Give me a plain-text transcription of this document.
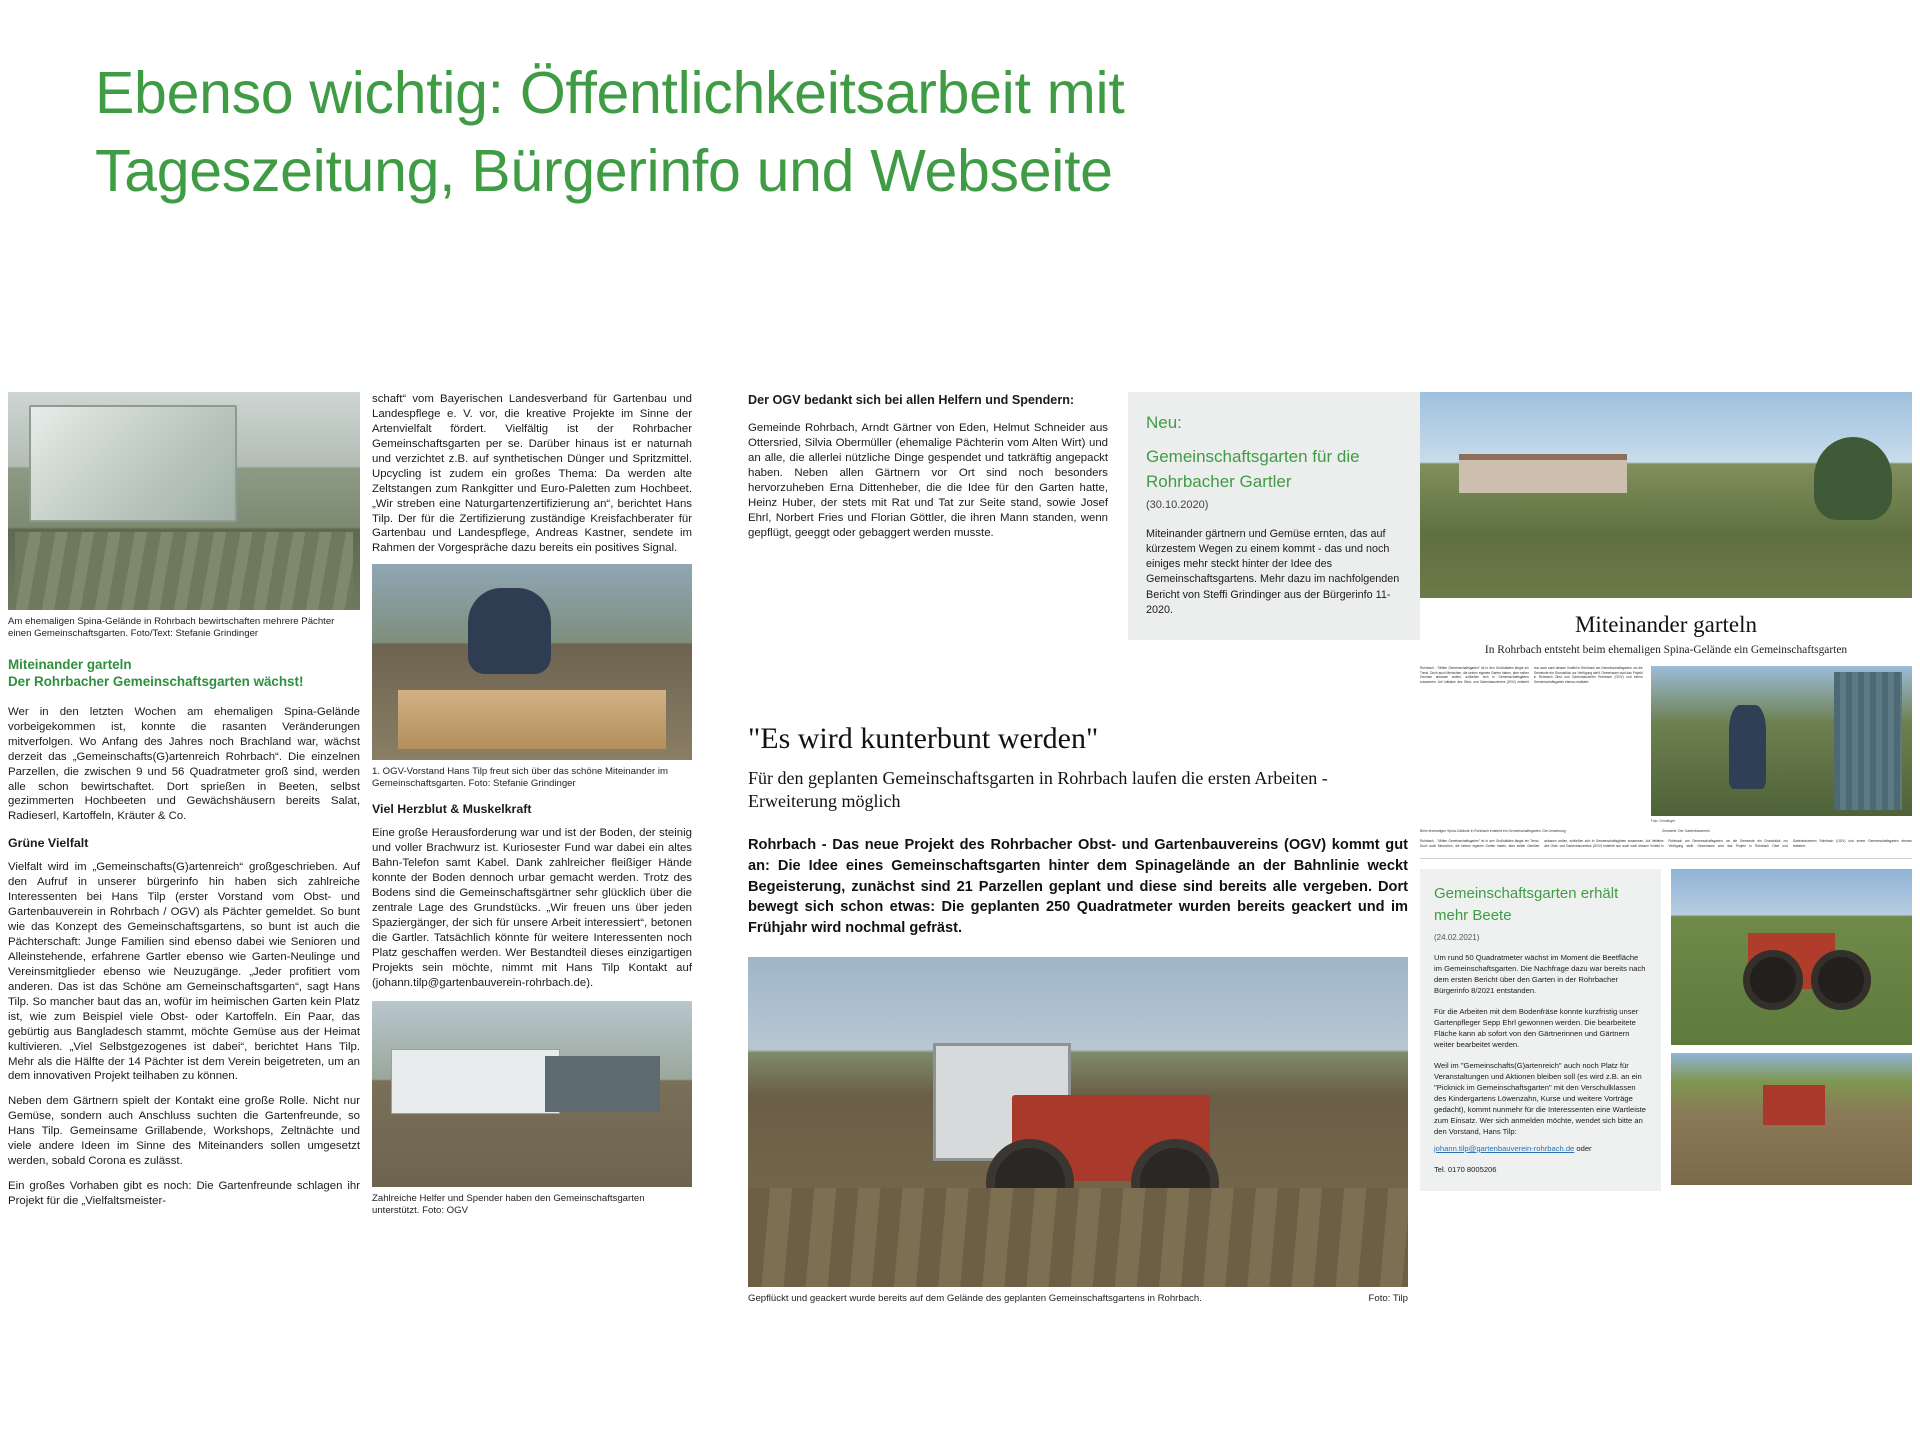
Ebenso wichtig: Öffentlichkeitsarbeit mit
Tageszeitung, Bürgerinfo und Webseite
Am ehemaligen Spina-Gelände in Rohrbach bewirtschaften mehrere Pächter einen Gemeinschaftsgarten. Foto/Text: Stefanie Grindinger
Miteinander garteln
Der Rohrbacher Gemeinschaftsgarten wächst!
Wer in den letzten Wochen am ehemaligen Spina-Gelände vorbeigekommen ist, konnte die rasanten Veränderungen mitverfolgen. Wo Anfang des Jahres noch Brachland war, wächst derzeit das „Gemeinschafts(G)artenreich Rohrbach“. Die einzelnen Parzellen, die zwischen 9 und 56 Quadratmeter groß sind, werden alle schon bewirtschaftet. Dort sprießen in Beeten, selbst gezimmerten Hochbeeten und Gewächshäusern bereits Salat, Radieserl, Kartoffeln, Kräuter & Co.
Grüne Vielfalt
Vielfalt wird im „Gemeinschafts(G)artenreich“ großgeschrieben. Auf den Aufruf in unserer bürgerinfo hin haben sich zahlreiche Interessenten bei Hans Tilp (erster Vorstand vom Obst- und Gartenbauverein in Rohrbach / OGV) als Pächter gemeldet. So bunt wie das Konzept des Gemeinschaftsgartens, so bunt ist auch die Pächterschaft: Junge Familien sind ebenso dabei wie Senioren und Alleinstehende, erfahrene Gartler ebenso wie Garten-Neulinge und Vereinsmitglieder ebenso wie Neuzugänge. „Jeder profitiert vom anderen. Das ist das Schöne am Gemeinschaftsgarten“, sagt Hans Tilp. So mancher baut das an, wofür im heimischen Garten kein Platz ist, wie zum Beispiel viele Obst- oder Kartoffeln. Ein Paar, das gebürtig aus Bangladesch stammt, möchte Gemüse aus der Heimat kultivieren. „Viel Selbstgezogenes ist dabei“, berichtet Hans Tilp. Mehr als die Hälfte der 14 Pächter ist dem Verein beigetreten, um an dem innovativen Projekt teilhaben zu können.
Neben dem Gärtnern spielt der Kontakt eine große Rolle. Nicht nur Gemüse, sondern auch Anschluss suchten die Gartenfreunde, so Hans Tilp. Gemeinsame Grillabende, Workshops, Zeltnächte und viele andere Ideen im Sinne des Miteinanders sollen umgesetzt werden, sobald Corona es zulässt.
Ein großes Vorhaben gibt es noch: Die Gartenfreunde schlagen ihr Projekt für die „Vielfaltsmeister-
schaft“ vom Bayerischen Landesverband für Gartenbau und Landespflege e. V. vor, die kreative Projekte im Sinne der Artenvielfalt fördert. Vielfältig ist der Rohrbacher Gemeinschaftsgarten per se. Darüber hinaus ist er naturnah und verzichtet z.B. auf synthetischen Dünger und Spritzmittel. Upcycling ist zudem ein großes Thema: Da werden alte Zeltstangen zum Rankgitter und Euro-Paletten zum Hochbeet. „Wir streben eine Naturgartenzertifizierung an“, berichtet Hans Tilp. Der für die Zertifizierung zuständige Kreisfachberater für Gartenbau und Landespflege, Andreas Kastner, sendete im Rahmen der Vorgespräche dazu bereits ein positives Signal.
1. OGV-Vorstand Hans Tilp freut sich über das schöne Miteinander im Gemeinschaftsgarten. Foto: Stefanie Grindinger
Viel Herzblut & Muskelkraft
Eine große Herausforderung war und ist der Boden, der steinig und voller Brachwurz ist. Kuriosester Fund war dabei ein altes Bahn-Telefon samt Kabel. Dank zahlreicher fleißiger Hände konnte der Boden dennoch urbar gemacht werden. Trotz des Bodens sind die Gemeinschaftsgärtner sehr glücklich über die zentrale Lage des Grundstücks. „Wir freuen uns über jeden Spaziergänger, der sich für unsere Arbeit interessiert“, betonen die Gartler. Tatsächlich könnte für weitere Interessenten noch Platz geschaffen werden. Wer Bestandteil dieses einzigartigen Projekts sein möchte, nimmt mit Hans Tilp Kontakt auf (johann.tilp@gartenbauverein-rohrbach.de).
Zahlreiche Helfer und Spender haben den Gemeinschaftsgarten unterstützt. Foto: OGV
Der OGV bedankt sich bei allen Helfern und Spendern:
Gemeinde Rohrbach, Arndt Gärtner von Eden, Helmut Schneider aus Ottersried, Silvia Obermüller (ehemalige Pächterin vom Alten Wirt) und an alle, die allerlei nützliche Dinge gespendet und tatkräftig angepackt haben. Neben allen Gärtnern vor Ort sind noch besonders hervorzuheben Erna Dittenheber, die die Idee für den Garten hatte, Heinz Huber, der stets mit Rat und Tat zur Seite stand, sowie Josef Ehrl, Norbert Fries und Florian Göttler, die ihren Mann standen, wenn gepflügt, geeggt oder gebaggert werden musste.
Neu:
Gemeinschaftsgarten für die Rohrbacher Gartler
(30.10.2020)

Miteinander gärtnern und Gemüse ernten, das auf kürzestem Wegen zu einem kommt - das und noch einiges mehr steckt hinter der Idee des Gemeinschaftsgartens. Mehr dazu im nachfolgenden Bericht von Steffi Grindinger aus der Bürgerinfo 11-2020.

"Es wird kunterbunt werden"
Für den geplanten Gemeinschaftsgarten in Rohrbach laufen die ersten Arbeiten - Erweiterung möglich
Rohrbach - Das neue Projekt des Rohrbacher Obst- und Gartenbauvereins (OGV) kommt gut an: Die Idee eines Gemeinschaftsgarten hinter dem Spinagelände an der Bahnlinie weckt Begeisterung, zunächst sind 21 Parzellen geplant und diese sind bereits alle vergeben. Dort bewegt sich schon etwas: Die geplanten 250 Quadratmeter wurden bereits geackert und im Frühjahr wird nochmal gefräst.
Gepflückt und geackert wurde bereits auf dem Gelände des geplanten Gemeinschaftsgartens in Rohrbach.	Foto: Tilp
Miteinander garteln
In Rohrbach entsteht beim ehemaligen Spina-Gelände ein Gemeinschaftsgarten
Rohrbach - "Mitten Gemeinschaftsgarten" ist in den Großstädten längst ein Trend. Doch auch Menschen, die keinen eigenen Garten haben, aber selber Gemüse anbauen wollen, schließen sich in Gemeinschaftsgärten zusammen. Auf Initiative des Obst- und Gartenbauvereins (OGV) entsteht nun auch nach dessen Vorbild in Rohrbach am Gemeinschaftsgarten, wo die Gemeinde ein Grundstück zur Verfügung stellt. Gemeinsam wird das Projekt in Rohrbach Obst und Gartenbauverein Rohrbach (OGV) und einem Gemeinschaftsgarten ebenso realisiert.
Foto: Grindinger
Beim ehemaligen Spina-Gelände in Rohrbach entsteht ein Gemeinschaftsgarten. Die Umsetzung	Zimmerei: Der Gartenbauverein
Rohrbach - "Mitten Gemeinschaftsgarten" ist in den Großstädten längst ein Trend. Doch auch Menschen, die keinen eigenen Garten haben, aber selber Gemüse anbauen wollen, schließen sich in Gemeinschaftsgärten zusammen. Auf Initiative des Obst- und Gartenbauvereins (OGV) entsteht nun auch nach dessen Vorbild in Rohrbach am Gemeinschaftsgarten, wo die Gemeinde ein Grundstück zur Verfügung stellt. Gemeinsam wird das Projekt in Rohrbach Obst und Gartenbauverein Rohrbach (OGV) und einem Gemeinschaftsgarten ebenso realisiert.
Gemeinschaftsgarten erhält mehr Beete
(24.02.2021)

Um rund 50 Quadratmeter wächst im Moment die Beetfläche im Gemeinschaftsgarten. Die Nachfrage dazu war bereits nach dem ersten Bericht über den Garten in der Rohrbacher Bürgerinfo 8/2021 entstanden.

Für die Arbeiten mit dem Bodenfräse konnte kurzfristig unser Gartenpfleger Sepp Ehrl gewonnen werden. Die bearbeitete Fläche kann ab sofort von den Gärtnerinnen und Gärtnern weiter bearbeitet werden.

Weil im "Gemeinschafts(G)artenreich" auch noch Platz für Veranstaltungen und Aktionen bleiben soll (es wird z.B. an ein "Picknick im Gemeinschaftsgarten" mit den Verschulklassen des Kindergartens Löwenzahn, Kurse und weitere Vorträge gedacht), kommt nunmehr für die Interessenten eine Wartleiste zum Einsatz. Wer sich anmelden möchte, wendet sich bitte an den Vorstand, Hans Tilp:

johann.tilp@gartenbauverein-rohrbach.de oder

Tel. 0170 8005206
